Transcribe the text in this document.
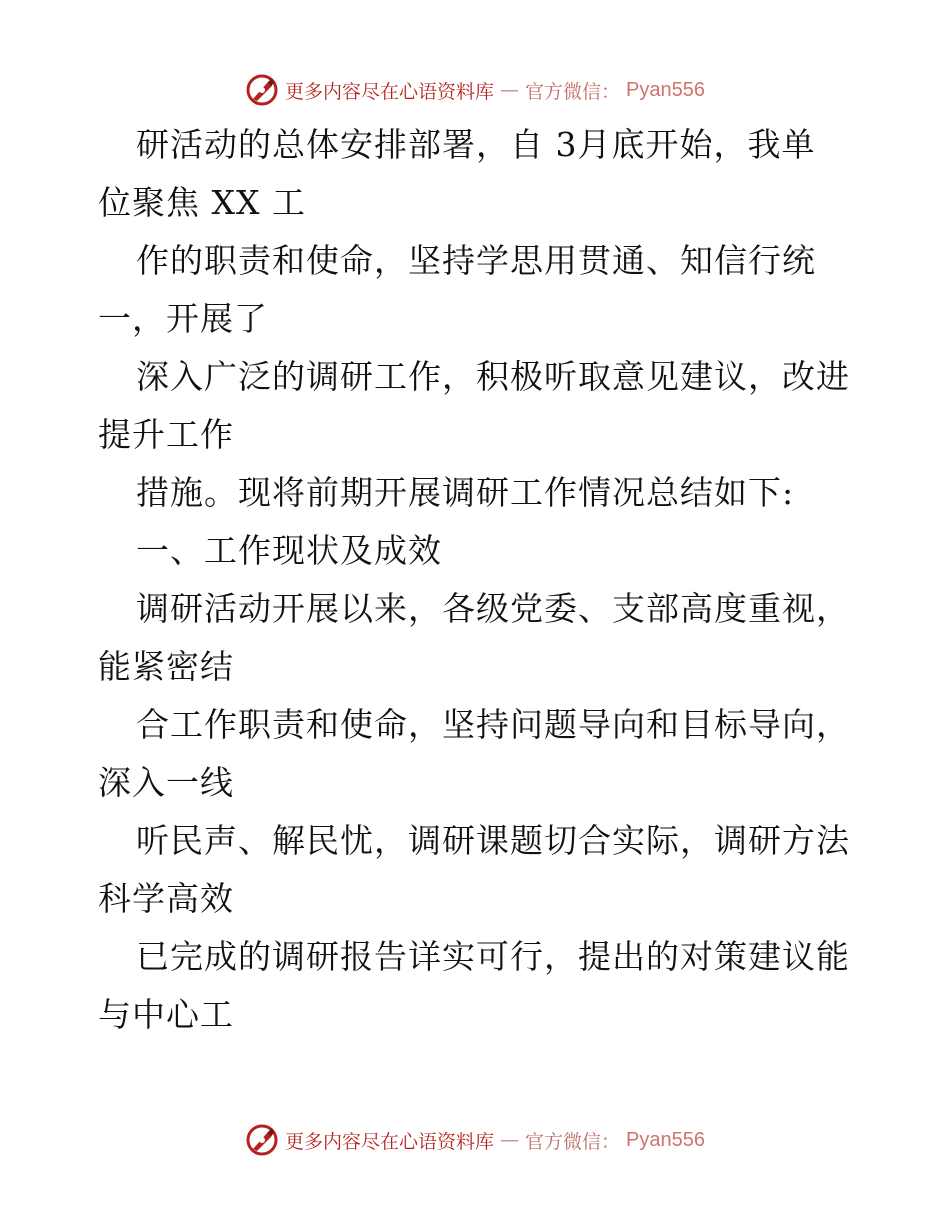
更多内容尽在心语资料库 — 官方微信： Pyan556
研活动的总体安排部署，自 3月底开始，我单
位聚焦 XX 工
作的职责和使命，坚持学思用贯通、知信行统
一，开展了
深入广泛的调研工作，积极听取意见建议，改进
提升工作
措施。现将前期开展调研工作情况总结如下:
一、工作现状及成效
调研活动开展以来，各级党委、支部高度重视，
能紧密结
合工作职责和使命，坚持问题导向和目标导向，
深入一线
听民声、解民忧，调研课题切合实际，调研方法
科学高效
已完成的调研报告详实可行，提出的对策建议能
与中心工
更多内容尽在心语资料库 — 官方微信： Pyan556
